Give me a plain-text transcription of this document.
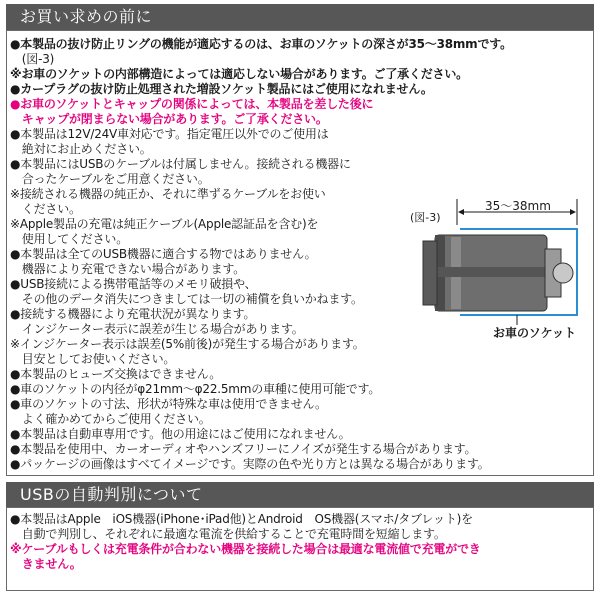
お買い求めの前に
●本製品の抜け防止リングの機能が適応するのは、お車のソケットの深さが35～38mmです。
　(図-3)
※お車のソケットの内部構造によっては適応しない場合があります。ご了承ください。
●カープラグの抜け防止処理された増設ソケット製品にはご使用になれません。
●お車のソケットとキャップの関係によっては、本製品を差した後に
　キャップが閉まらない場合があります。ご了承ください。
●本製品は12V/24V車対応です。指定電圧以外でのご使用は
　絶対にお止めください。
●本製品にはUSBのケーブルは付属しません。接続される機器に
　合ったケーブルをご用意ください。
※接続される機器の純正か、それに準ずるケーブルをお使い
　ください。
※Apple製品の充電は純正ケーブル(Apple認証品を含む)を
　使用してください。
●本製品は全てのUSB機器に適合する物ではありません。
　機器により充電できない場合があります。
●USB接続による携帯電話等のメモリ破損や、
　その他のデータ消失につきましては一切の補償を負いかねます。
●接続する機器により充電状況が異なります。
　インジケーター表示に誤差が生じる場合があります。
※インジケーター表示は誤差(5%前後)が発生する場合があります。
　目安としてお使いください。
●本製品のヒューズ交換はできません。
●車のソケットの内径がφ21mm～φ22.5mmの車種に使用可能です。
●車のソケットの寸法、形状が特殊な車は使用できません。
　よく確かめてからご使用ください。
●本製品は自動車専用です。他の用途にはご使用になれません。
●本製品を使用中、カーオーディオやハンズフリーにノイズが発生する場合があります。
●パッケージの画像はすべてイメージです。実際の色や光り方とは異なる場合があります。
(図-3)
35～38mm
お車のソケット
USBの自動判別について
●本製品はApple　iOS機器(iPhone･iPad他)とAndroid　OS機器(スマホ/タブレット)を
　自動で判別し、それぞれに最適な電流を供給することで充電時間を短縮します。
※ケーブルもしくは充電条件が合わない機器を接続した場合は最適な電流値で充電ができ
　きません。
